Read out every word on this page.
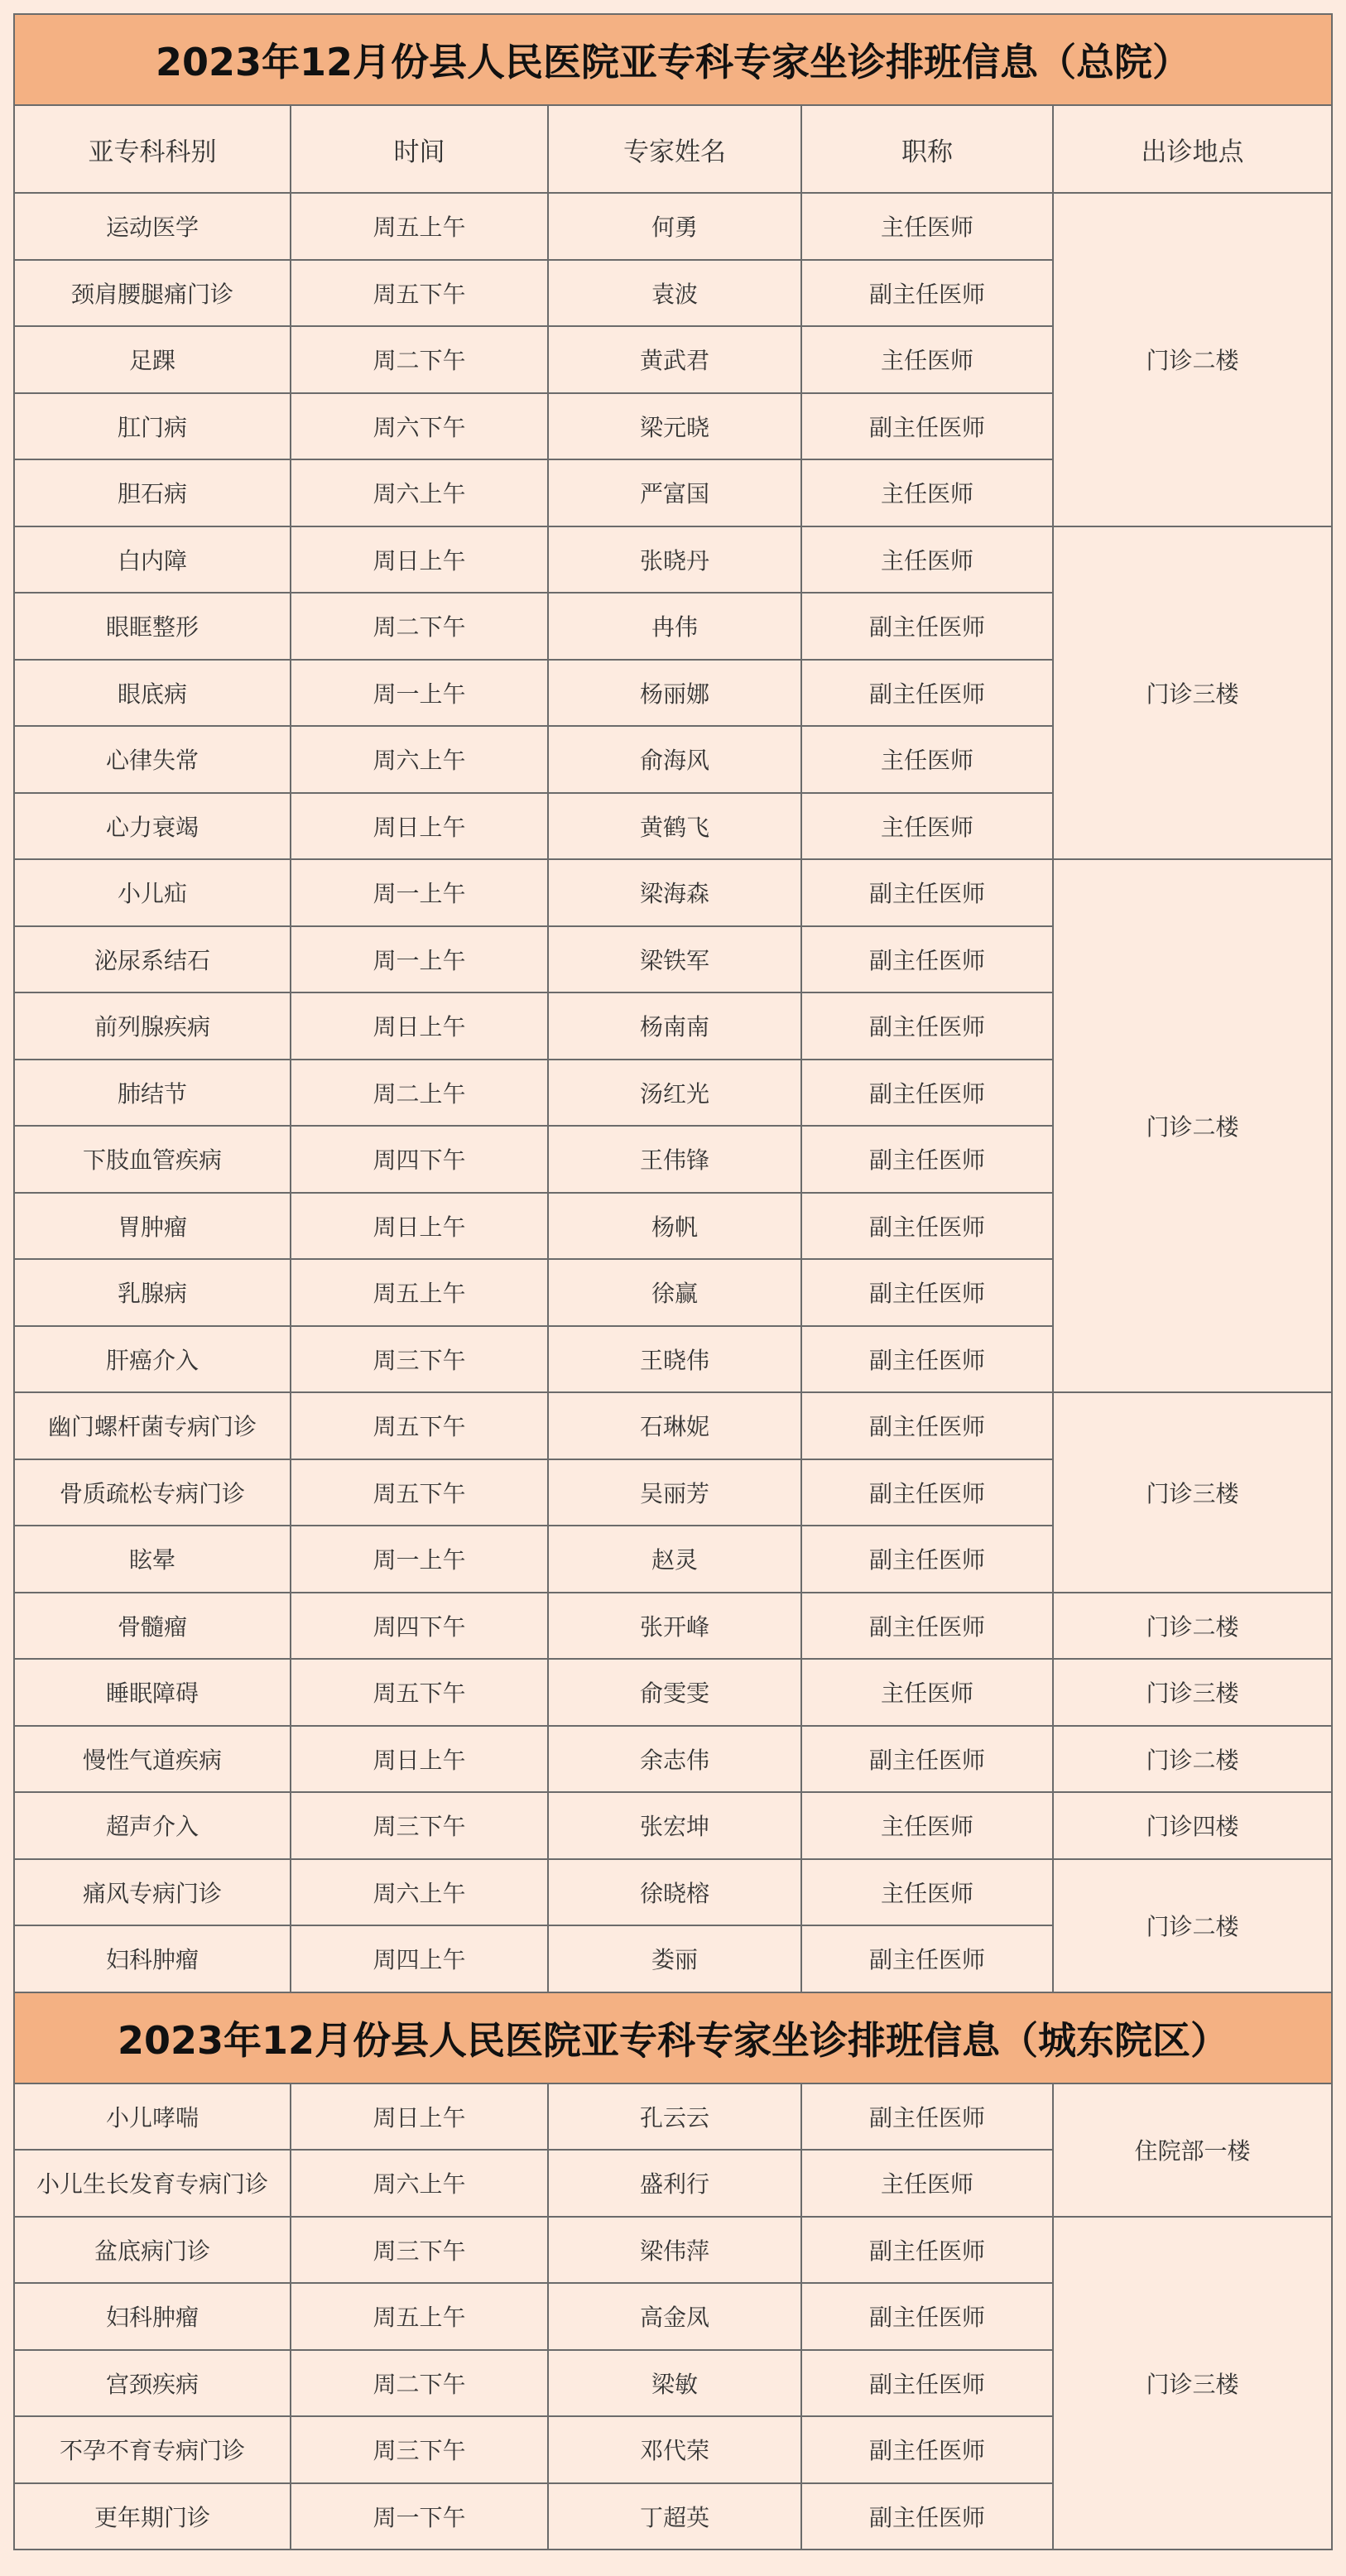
2023年12月份县人民医院亚专科专家坐诊排班信息（总院）				
亚专科科别	时间	专家姓名	职称	出诊地点
运动医学	周五上午	何勇	主任医师	门诊二楼
颈肩腰腿痛门诊	周五下午	袁波	副主任医师	
足踝	周二下午	黄武君	主任医师	
肛门病	周六下午	梁元晓	副主任医师	
胆石病	周六上午	严富国	主任医师	
白内障	周日上午	张晓丹	主任医师	门诊三楼
眼眶整形	周二下午	冉伟	副主任医师	
眼底病	周一上午	杨丽娜	副主任医师	
心律失常	周六上午	俞海风	主任医师	
心力衰竭	周日上午	黄鹤飞	主任医师	
小儿疝	周一上午	梁海森	副主任医师	门诊二楼
泌尿系结石	周一上午	梁铁军	副主任医师	
前列腺疾病	周日上午	杨南南	副主任医师	
肺结节	周二上午	汤红光	副主任医师	
下肢血管疾病	周四下午	王伟锋	副主任医师	
胃肿瘤	周日上午	杨帆	副主任医师	
乳腺病	周五上午	徐赢	副主任医师	
肝癌介入	周三下午	王晓伟	副主任医师	
幽门螺杆菌专病门诊	周五下午	石琳妮	副主任医师	门诊三楼
骨质疏松专病门诊	周五下午	吴丽芳	副主任医师	
眩晕	周一上午	赵灵	副主任医师	
骨髓瘤	周四下午	张开峰	副主任医师	门诊二楼
睡眠障碍	周五下午	俞雯雯	主任医师	门诊三楼
慢性气道疾病	周日上午	余志伟	副主任医师	门诊二楼
超声介入	周三下午	张宏坤	主任医师	门诊四楼
痛风专病门诊	周六上午	徐晓榕	主任医师	门诊二楼
妇科肿瘤	周四上午	娄丽	副主任医师	
2023年12月份县人民医院亚专科专家坐诊排班信息（城东院区）				
小儿哮喘	周日上午	孔云云	副主任医师	住院部一楼
小儿生长发育专病门诊	周六上午	盛利行	主任医师	
盆底病门诊	周三下午	梁伟萍	副主任医师	门诊三楼
妇科肿瘤	周五上午	高金凤	副主任医师	
宫颈疾病	周二下午	梁敏	副主任医师	
不孕不育专病门诊	周三下午	邓代荣	副主任医师	
更年期门诊	周一下午	丁超英	副主任医师	
